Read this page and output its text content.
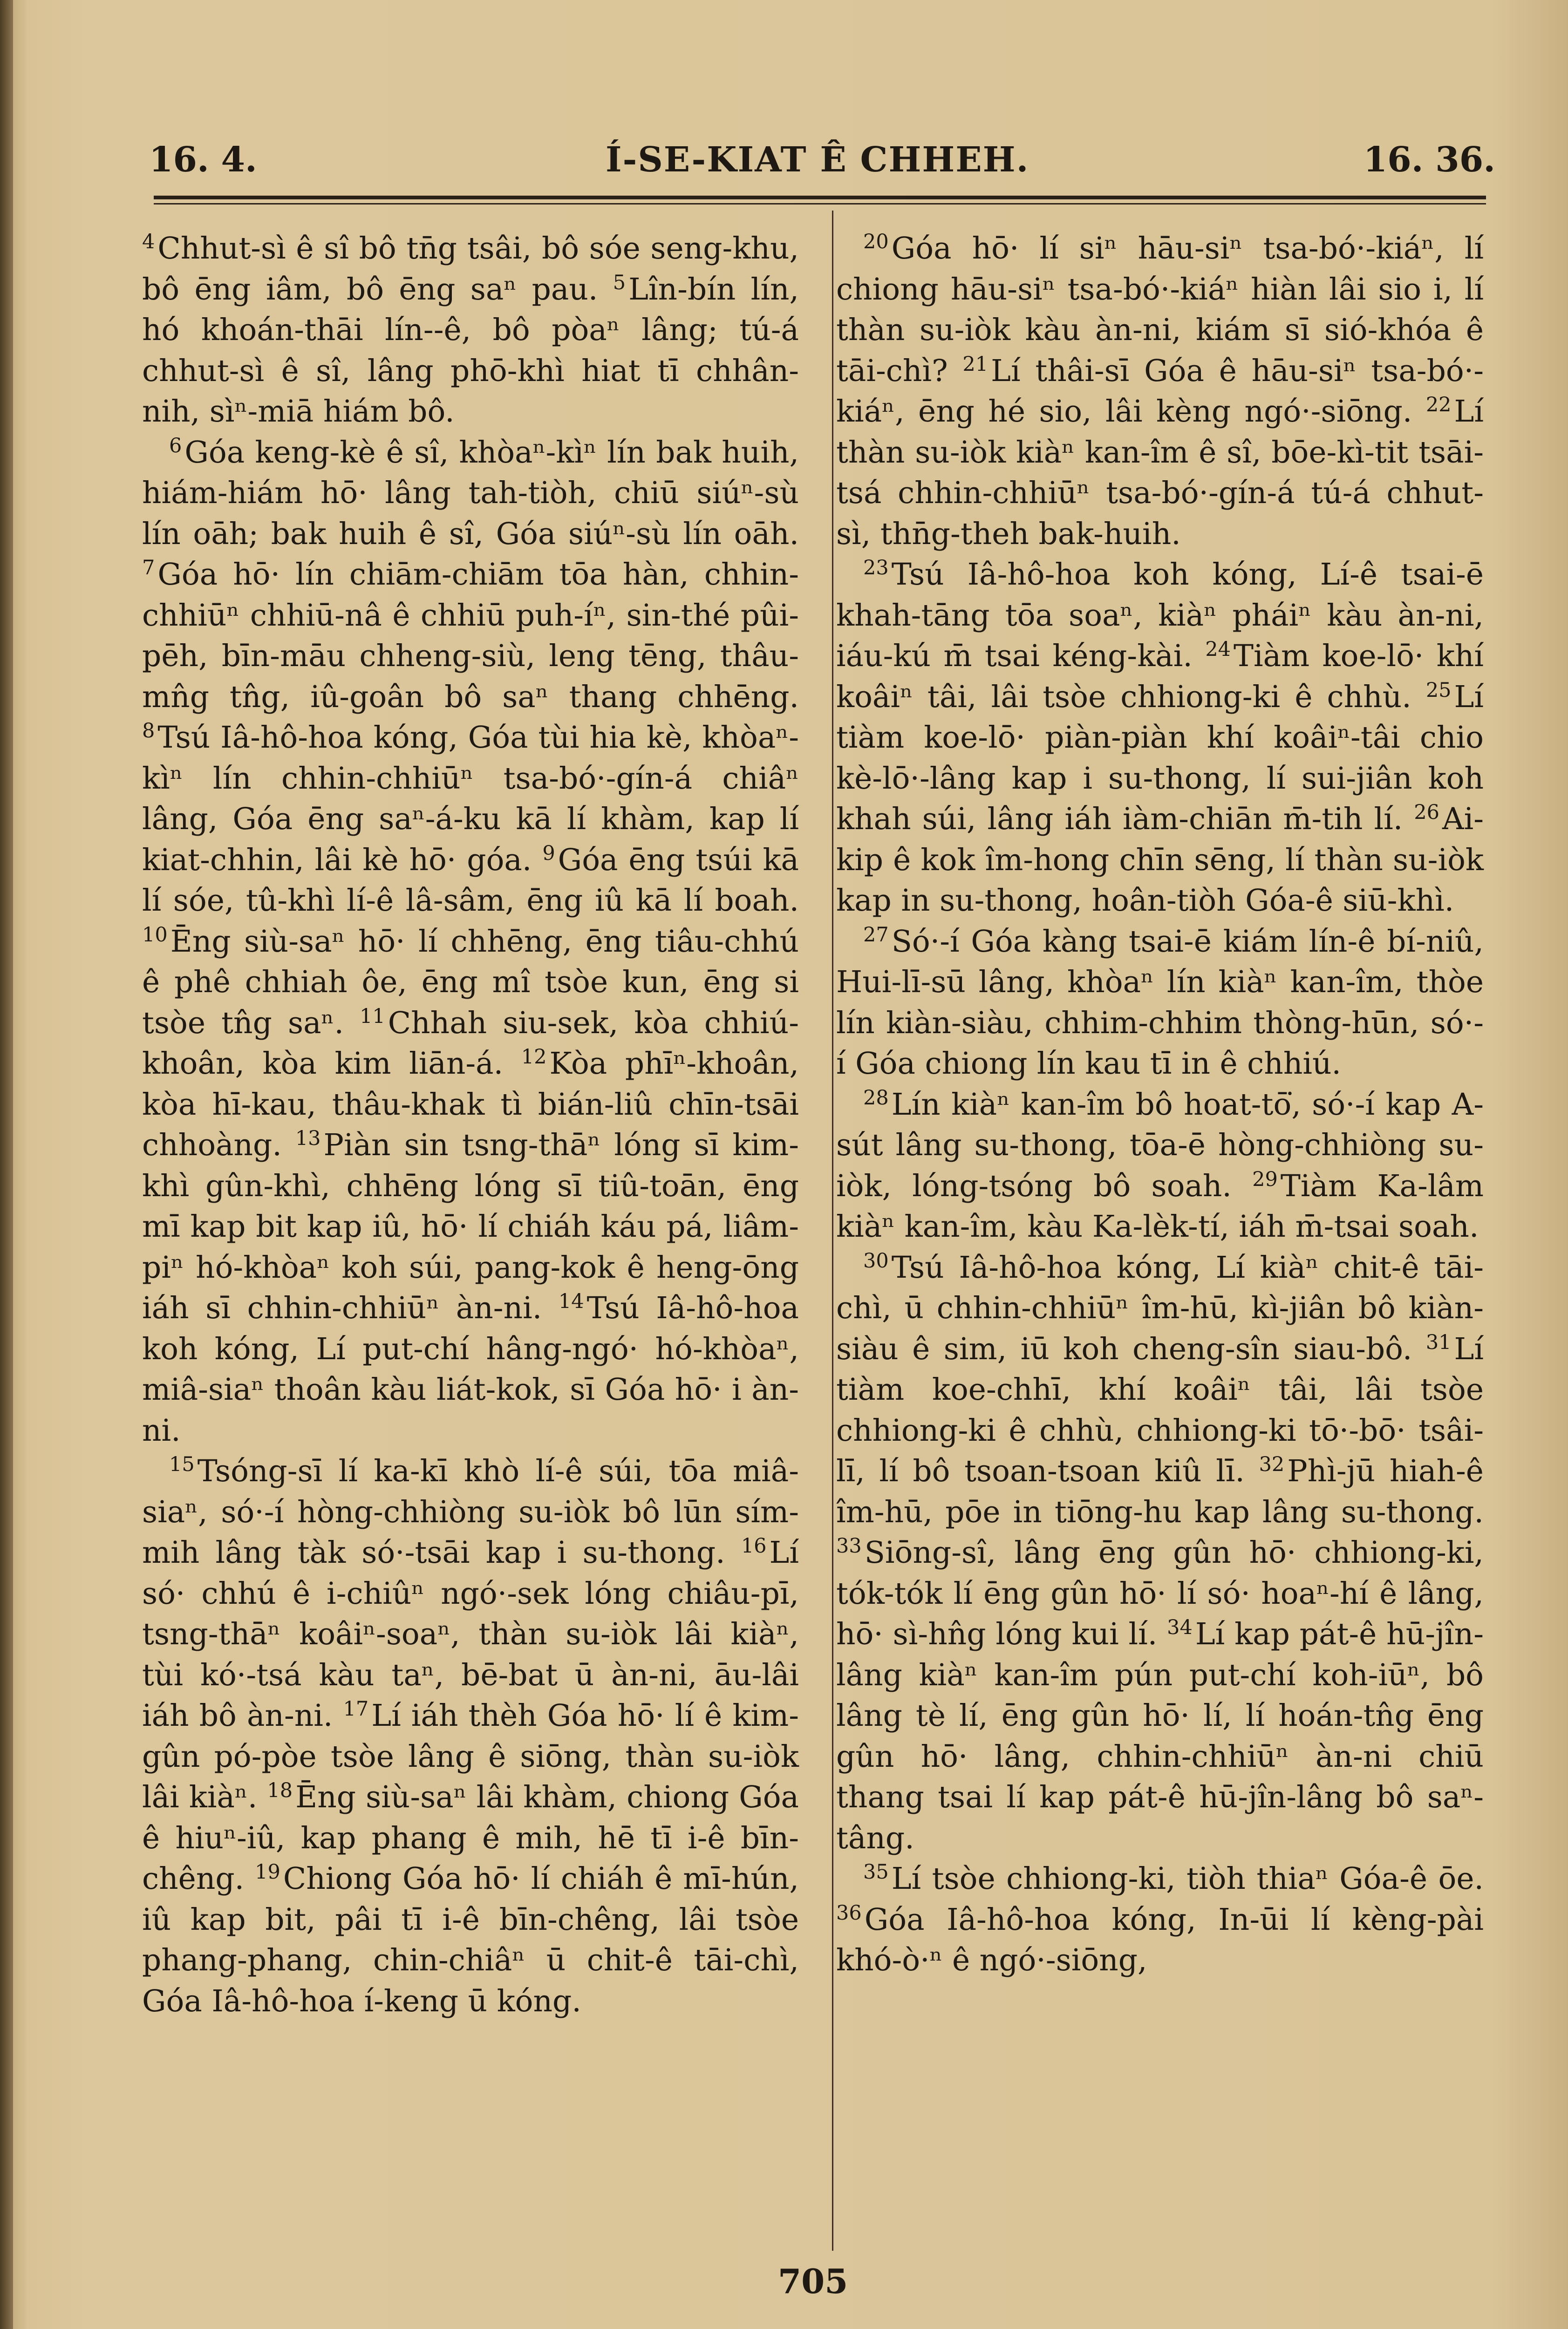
16. 4.	Í-SE-KIAT Ê CHHEH.	16. 36.

$^4$Chhut-sì ê sî bô tn̄g tsâi, bô sóe seng-khu, bô ēng iâm, bô ēng saⁿ pau. $^5$Lîn-bín lín, hó khoán-thāi lín--ê, bô pòaⁿ lâng; tú-á chhut-sì ê sî, lâng phō-khì hiat tī chhân-nih, sìⁿ-miā hiám bô.

$^6$Góa keng-kè ê sî, khòaⁿ-kìⁿ lín bak huih, hiám-hiám hō· lâng tah-tiòh, chiū siúⁿ-sù lín oāh; bak huih ê sî, Góa siúⁿ-sù lín oāh. $^7$Góa hō· lín chiām-chiām tōa hàn, chhin-chhiūⁿ chhiū-nâ ê chhiū puh-íⁿ, sin-thé pûi-pēh, bīn-māu chheng-siù, leng tēng, thâu-mn̂g tn̂g, iû-goân bô saⁿ thang chhēng. $^8$Tsú Iâ-hô-hoa kóng, Góa tùi hia kè, khòaⁿ-kìⁿ lín chhin-chhiūⁿ tsa-bó·-gín-á chiâⁿ lâng, Góa ēng saⁿ-á-ku kā lí khàm, kap lí kiat-chhin, lâi kè hō· góa. $^9$Góa ēng tsúi kā lí sóe, tû-khì lí-ê lâ-sâm, ēng iû kā lí boah. $^{10}$Ēng siù-saⁿ hō· lí chhēng, ēng tiâu-chhú ê phê chhiah ôe, ēng mî tsòe kun, ēng si tsòe tn̂g saⁿ. $^{11}$Chhah siu-sek, kòa chhiú-khoân, kòa kim liān-á. $^{12}$Kòa phīⁿ-khoân, kòa hī-kau, thâu-khak tì bián-liû chīn-tsāi chhoàng. $^{13}$Piàn sin tsng-thāⁿ lóng sī kim-khì gûn-khì, chhēng lóng sī tiû-toān, ēng mī kap bit kap iû, hō· lí chiáh káu pá, liâm-piⁿ hó-khòaⁿ koh súi, pang-kok ê heng-ōng iáh sī chhin-chhiūⁿ àn-ni. $^{14}$Tsú Iâ-hô-hoa koh kóng, Lí put-chí hâng-ngó· hó-khòaⁿ, miâ-siaⁿ thoân kàu liát-kok, sī Góa hō· i àn-ni.

$^{15}$Tsóng-sī lí ka-kī khò lí-ê súi, tōa miâ-siaⁿ, só·-í hòng-chhiòng su-iòk bô lūn sím-mih lâng tàk só·-tsāi kap i su-thong. $^{16}$Lí só· chhú ê i-chiûⁿ ngó·-sek lóng chiâu-pī, tsng-thāⁿ koâiⁿ-soaⁿ, thàn su-iòk lâi kiàⁿ, tùi kó·-tsá kàu taⁿ, bē-bat ū àn-ni, āu-lâi iáh bô àn-ni. $^{17}$Lí iáh thèh Góa hō· lí ê kim-gûn pó-pòe tsòe lâng ê siōng, thàn su-iòk lâi kiàⁿ. $^{18}$Ēng siù-saⁿ lâi khàm, chiong Góa ê hiuⁿ-iû, kap phang ê mih, hē tī i-ê bīn-chêng. $^{19}$Chiong Góa hō· lí chiáh ê mī-hún, iû kap bit, pâi tī i-ê bīn-chêng, lâi tsòe phang-phang, chin-chiâⁿ ū chit-ê tāi-chì, Góa Iâ-hô-hoa í-keng ū kóng.

$^{20}$Góa hō· lí siⁿ hāu-siⁿ tsa-bó·-kiáⁿ, lí chiong hāu-siⁿ tsa-bó·-kiáⁿ hiàn lâi sio i, lí thàn su-iòk kàu àn-ni, kiám sī sió-khóa ê tāi-chì? $^{21}$Lí thâi-sī Góa ê hāu-siⁿ tsa-bó·-kiáⁿ, ēng hé sio, lâi kèng ngó·-siōng. $^{22}$Lí thàn su-iòk kiàⁿ kan-îm ê sî, bōe-kì-tit tsāi-tsá chhin-chhiūⁿ tsa-bó·-gín-á tú-á chhut-sì, thn̄g-theh bak-huih.

$^{23}$Tsú Iâ-hô-hoa koh kóng, Lí-ê tsai-ē khah-tāng tōa soaⁿ, kiàⁿ pháiⁿ kàu àn-ni, iáu-kú m̄ tsai kéng-kài. $^{24}$Tiàm koe-lō· khí koâiⁿ tâi, lâi tsòe chhiong-ki ê chhù. $^{25}$Lí tiàm koe-lō· piàn-piàn khí koâiⁿ-tâi chio kè-lō·-lâng kap i su-thong, lí sui-jiân koh khah súi, lâng iáh iàm-chiān m̄-tih lí. $^{26}$Ai-kip ê kok îm-hong chīn sēng, lí thàn su-iòk kap in su-thong, hoân-tiòh Góa-ê siū-khì.

$^{27}$Só·-í Góa kàng tsai-ē kiám lín-ê bí-niû, Hui-lī-sū lâng, khòaⁿ lín kiàⁿ kan-îm, thòe lín kiàn-siàu, chhim-chhim thòng-hūn, só·-í Góa chiong lín kau tī in ê chhiú.

$^{28}$Lín kiàⁿ kan-îm bô hoat-tō͘, só·-í kap A-sút lâng su-thong, tōa-ē hòng-chhiòng su-iòk, lóng-tsóng bô soah. $^{29}$Tiàm Ka-lâm kiàⁿ kan-îm, kàu Ka-lèk-tí, iáh m̄-tsai soah.

$^{30}$Tsú Iâ-hô-hoa kóng, Lí kiàⁿ chit-ê tāi-chì, ū chhin-chhiūⁿ îm-hū, kì-jiân bô kiàn-siàu ê sim, iū koh cheng-sîn siau-bô. $^{31}$Lí tiàm koe-chhī, khí koâiⁿ tâi, lâi tsòe chhiong-ki ê chhù, chhiong-ki tō·-bō· tsâi-lī, lí bô tsoan-tsoan kiû lī. $^{32}$Phì-jū hiah-ê îm-hū, pōe in tiōng-hu kap lâng su-thong. $^{33}$Siōng-sî, lâng ēng gûn hō· chhiong-ki, tók-tók lí ēng gûn hō· lí só· hoaⁿ-hí ê lâng, hō· sì-hn̂g lóng kui lí. $^{34}$Lí kap pát-ê hū-jîn-lâng kiàⁿ kan-îm pún put-chí koh-iūⁿ, bô lâng tè lí, ēng gûn hō· lí, lí hoán-tn̂g ēng gûn hō· lâng, chhin-chhiūⁿ àn-ni chiū thang tsai lí kap pát-ê hū-jîn-lâng bô saⁿ-tâng.

$^{35}$Lí tsòe chhiong-ki, tiòh thiaⁿ Góa-ê ōe. $^{36}$Góa Iâ-hô-hoa kóng, In-ūi lí kèng-pài khó-ò·ⁿ ê ngó·-siōng,

705
